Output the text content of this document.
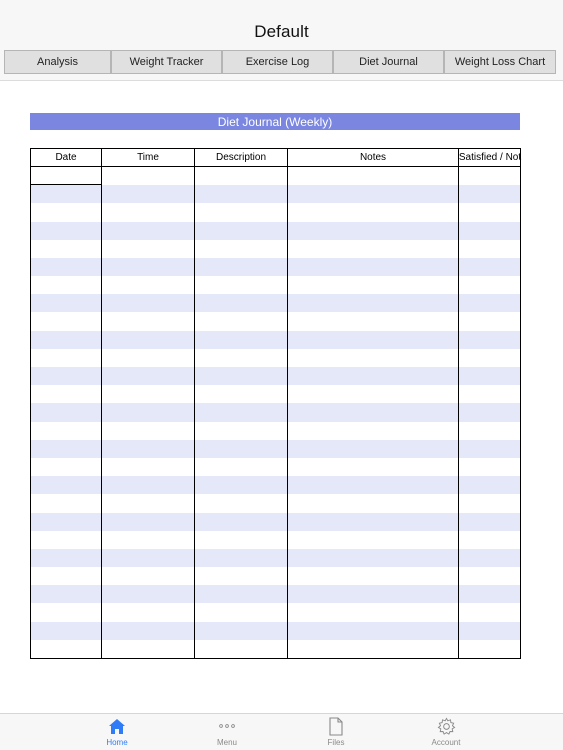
Default
Analysis	Weight Tracker	Exercise Log	Diet Journal	Weight Loss Chart
Diet Journal (Weekly)
Date	Time	Description	Notes	Satisfied / Not
Home	Menu	Files	Account
